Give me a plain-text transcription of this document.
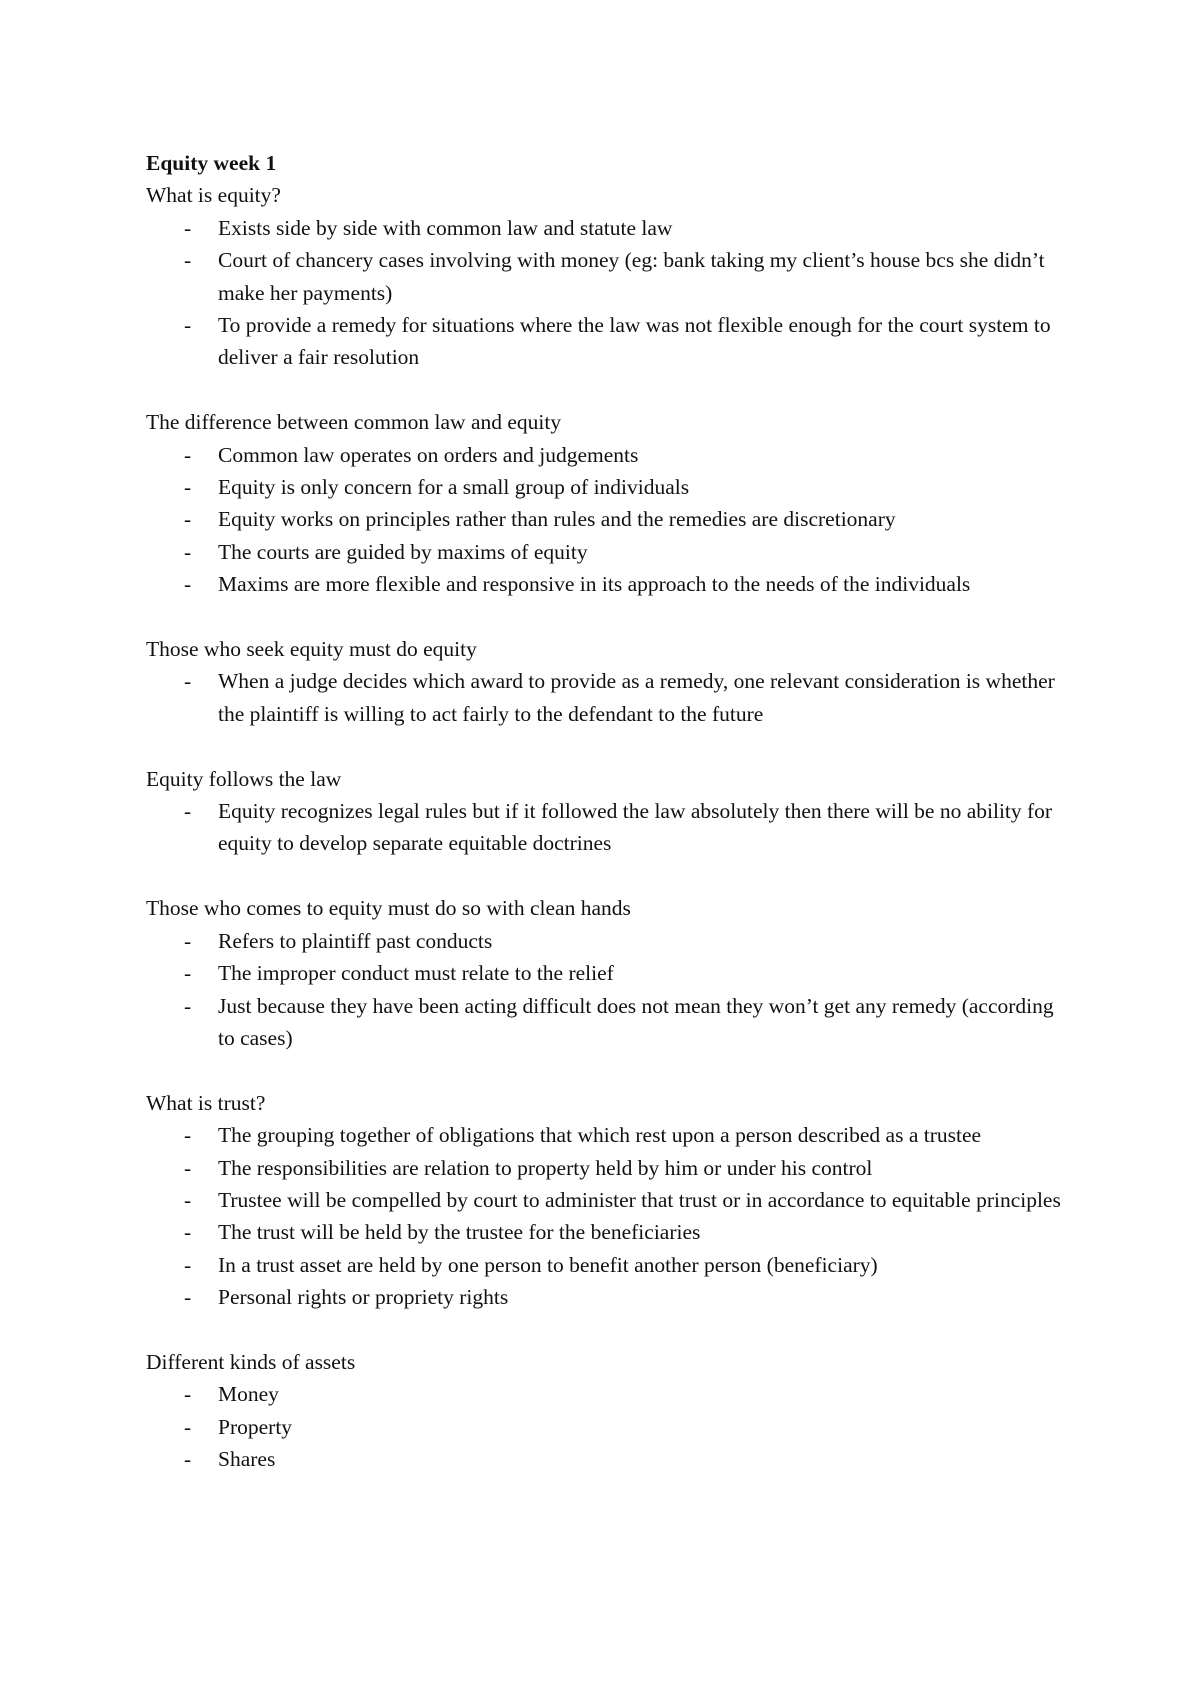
Equity week 1
What is equity?
- Exists side by side with common law and statute law
- Court of chancery cases involving with money (eg: bank taking my client’s house bcs she didn’t make her payments)
- To provide a remedy for situations where the law was not flexible enough for the court system to deliver a fair resolution
The difference between common law and equity
- Common law operates on orders and judgements
- Equity is only concern for a small group of individuals
- Equity works on principles rather than rules and the remedies are discretionary
- The courts are guided by maxims of equity
- Maxims are more flexible and responsive in its approach to the needs of the individuals
Those who seek equity must do equity
- When a judge decides which award to provide as a remedy, one relevant consideration is whether the plaintiff is willing to act fairly to the defendant to the future
Equity follows the law
- Equity recognizes legal rules but if it followed the law absolutely then there will be no ability for equity to develop separate equitable doctrines
Those who comes to equity must do so with clean hands
- Refers to plaintiff past conducts
- The improper conduct must relate to the relief
- Just because they have been acting difficult does not mean they won’t get any remedy (according to cases)
What is trust?
- The grouping together of obligations that which rest upon a person described as a trustee
- The responsibilities are relation to property held by him or under his control
- Trustee will be compelled by court to administer that trust or in accordance to equitable principles
- The trust will be held by the trustee for the beneficiaries
- In a trust asset are held by one person to benefit another person (beneficiary)
- Personal rights or propriety rights
Different kinds of assets
- Money
- Property
- Shares
